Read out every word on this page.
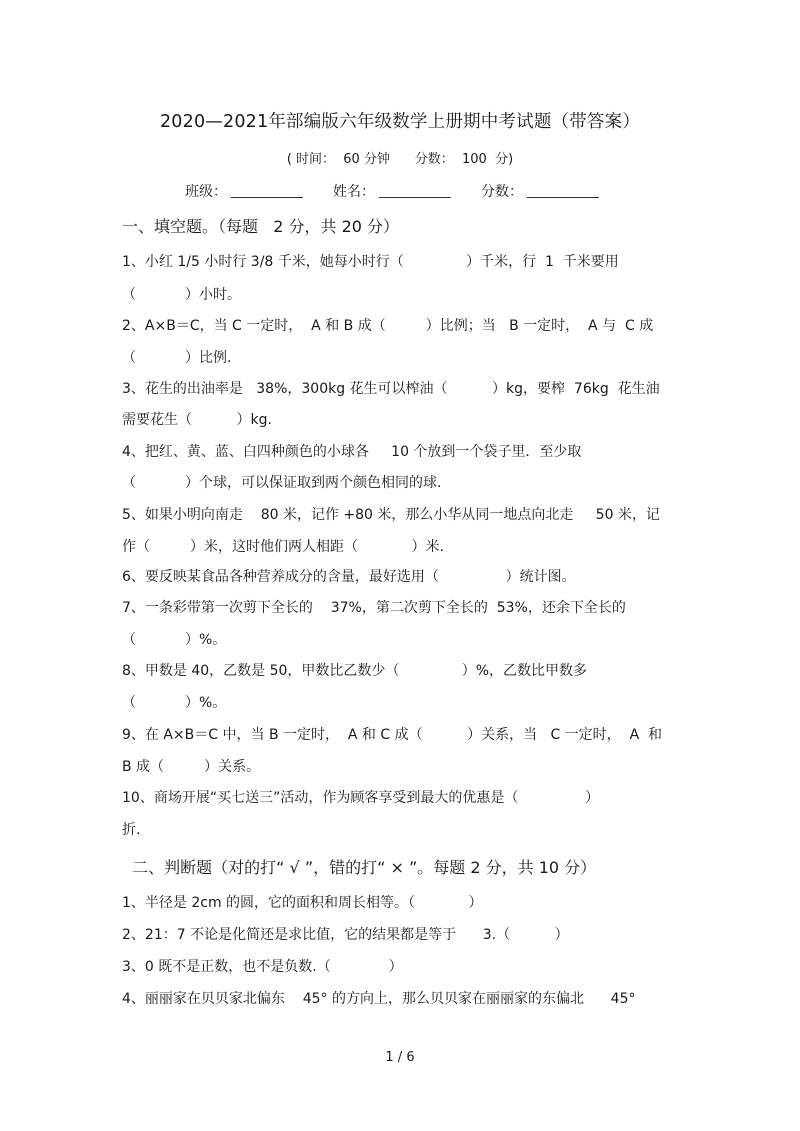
2020—2021年部编版六年级数学上册期中考试题（带答案）
( 时间：  60 分钟      分数：  100  分)
班级：	姓名：	分数：
一、填空题。（每题   2 分，共 20 分）
1、小红 1/5 小时行 3/8 千米，她每小时行（              ）千米，行  1  千米要用
（           ）小时。
2、A×B＝C，当 C 一定时，  A 和 B 成（         ）比例；当   B 一定时，  A 与  C 成
（           ）比例.
3、花生的出油率是   38%，300kg 花生可以榨油（          ）kg，要榨  76kg  花生油
需要花生（          ）kg.
4、把红、黄、蓝、白四种颜色的小球各     10 个放到一个袋子里．至少取
（           ）个球，可以保证取到两个颜色相同的球.
5、如果小明向南走    80 米，记作 +80 米，那么小华从同一地点向北走     50 米，记
作（         ）米，这时他们两人相距（            ）米.
6、要反映某食品各种营养成分的含量，最好选用（               ）统计图。
7、一条彩带第一次剪下全长的    37%，第二次剪下全长的  53%，还余下全长的
（           ）%。
8、甲数是 40，乙数是 50，甲数比乙数少（              ）%，乙数比甲数多
（           ）%。
9、在 A×B＝C 中，当 B 一定时，  A 和 C 成（          ）关系，当   C 一定时，  A  和
B 成（         ）关系。
10、商场开展“买七送三”活动，作为顾客享受到最大的优惠是（               ）
折.
二、判断题（对的打“ √ ”，错的打“ × ”。每题 2 分，共 10 分）
1、半径是 2cm 的圆，它的面积和周长相等。（            ）
2、21：7 不论是化简还是求比值，它的结果都是等于      3.（          ）
3、0 既不是正数，也不是负数.（             ）
4、丽丽家在贝贝家北偏东    45° 的方向上，那么贝贝家在丽丽家的东偏北      45°
1 / 6
